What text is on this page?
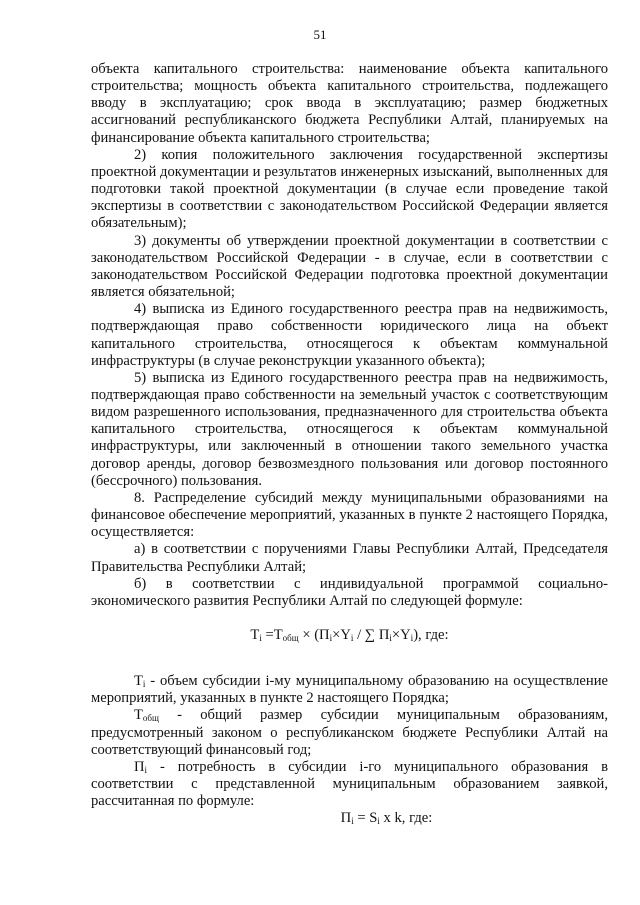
51

объекта капитального строительства: наименование объекта капитального строительства; мощность объекта капитального строительства, подлежащего вводу в эксплуатацию; срок ввода в эксплуатацию; размер бюджетных ассигнований республиканского бюджета Республики Алтай, планируемых на финансирование объекта капитального строительства;

2) копия положительного заключения государственной экспертизы проектной документации и результатов инженерных изысканий, выполненных для подготовки такой проектной документации (в случае если проведение такой экспертизы в соответствии с законодательством Российской Федерации является обязательным);

3) документы об утверждении проектной документации в соответствии с законодательством Российской Федерации - в случае, если в соответствии с законодательством Российской Федерации подготовка проектной документации является обязательной;

4) выписка из Единого государственного реестра прав на недвижимость, подтверждающая право собственности юридического лица на объект капитального строительства, относящегося к объектам коммунальной инфраструктуры (в случае реконструкции указанного объекта);

5) выписка из Единого государственного реестра прав на недвижимость, подтверждающая право собственности на земельный участок с соответствующим видом разрешенного использования, предназначенного для строительства объекта капитального строительства, относящегося к объектам коммунальной инфраструктуры, или заключенный в отношении такого земельного участка договор аренды, договор безвозмездного пользования или договор постоянного (бессрочного) пользования.

8. Распределение субсидий между муниципальными образованиями на финансовое обеспечение мероприятий, указанных в пункте 2 настоящего Порядка, осуществляется:

а) в соответствии с поручениями Главы Республики Алтай, Председателя Правительства Республики Алтай;

б) в соответствии с индивидуальной программой социально-экономического развития Республики Алтай по следующей формуле:

$Т_i =Т_{общ} \times (П_i\times Y_i$ / ∑ $П_i\times Y_i$), где:

$Т_i$ - объем субсидии i-му муниципальному образованию на осуществление мероприятий, указанных в пункте 2 настоящего Порядка;

$Т_{общ}$ - общий размер субсидии муниципальным образованиям, предусмотренный законом о республиканском бюджете Республики Алтай на соответствующий финансовый год;

$П_i$ - потребность в субсидии i-го муниципального образования в соответствии с представленной муниципальным образованием заявкой, рассчитанная по формуле:

$П_i = S_i$ x k, где:
